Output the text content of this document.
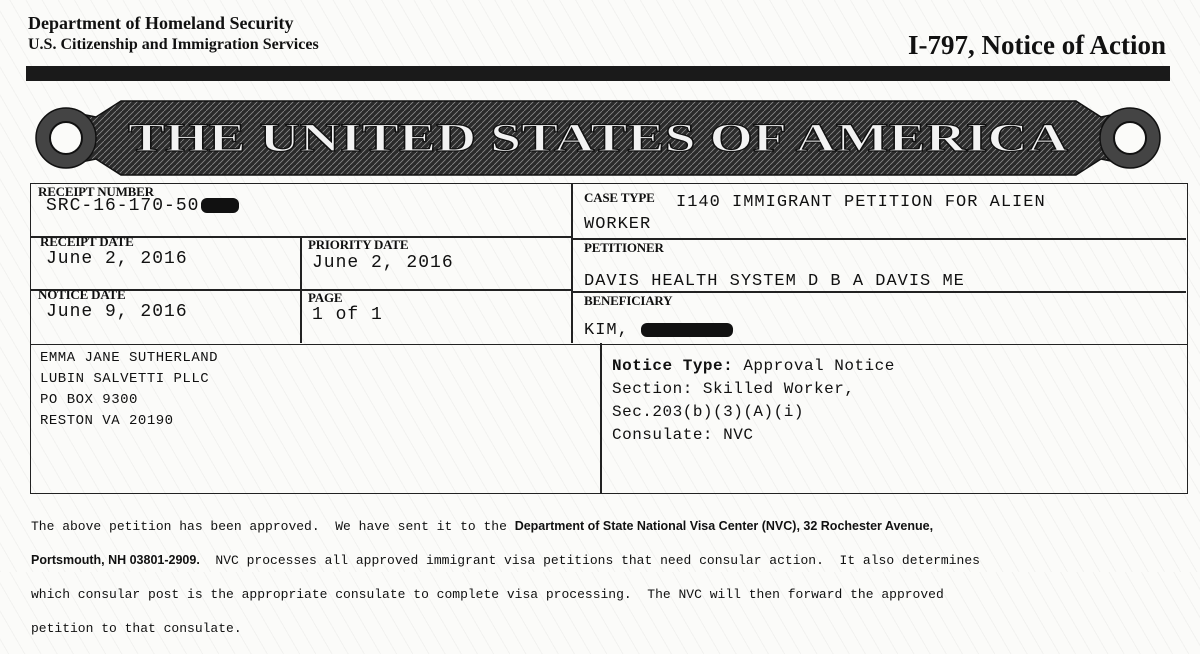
Department of Homeland Security
U.S. Citizenship and Immigration Services	I-797, Notice of Action
THE UNITED STATES OF AMERICA
RECEIPT NUMBER
SRC-16-170-50
RECEIPT DATE
June 2, 2016
PRIORITY DATE
June 2, 2016
NOTICE DATE
June 9, 2016
PAGE
1 of 1
CASE TYPE I140 IMMIGRANT PETITION FOR ALIEN
WORKER
PETITIONER
DAVIS HEALTH SYSTEM D B A DAVIS ME
BENEFICIARY
KIM,
EMMA JANE SUTHERLAND
LUBIN SALVETTI PLLC
PO BOX 9300
RESTON VA 20190
Notice Type: Approval Notice
Section: Skilled Worker,
Sec.203(b)(3)(A)(i)
Consulate: NVC

The above petition has been approved.  We have sent it to the Department of State National Visa Center (NVC), 32 Rochester Avenue,

Portsmouth, NH 03801-2909.  NVC processes all approved immigrant visa petitions that need consular action.  It also determines

which consular post is the appropriate consulate to complete visa processing.  The NVC will then forward the approved

petition to that consulate.
